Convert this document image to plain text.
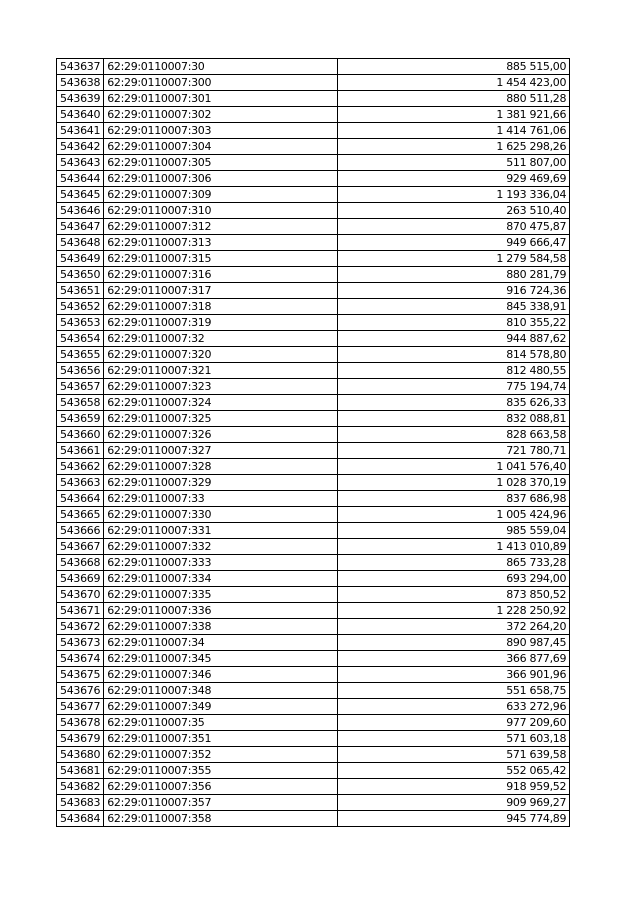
543637	62:29:0110007:30	885 515,00
543638	62:29:0110007:300	1 454 423,00
543639	62:29:0110007:301	880 511,28
543640	62:29:0110007:302	1 381 921,66
543641	62:29:0110007:303	1 414 761,06
543642	62:29:0110007:304	1 625 298,26
543643	62:29:0110007:305	511 807,00
543644	62:29:0110007:306	929 469,69
543645	62:29:0110007:309	1 193 336,04
543646	62:29:0110007:310	263 510,40
543647	62:29:0110007:312	870 475,87
543648	62:29:0110007:313	949 666,47
543649	62:29:0110007:315	1 279 584,58
543650	62:29:0110007:316	880 281,79
543651	62:29:0110007:317	916 724,36
543652	62:29:0110007:318	845 338,91
543653	62:29:0110007:319	810 355,22
543654	62:29:0110007:32	944 887,62
543655	62:29:0110007:320	814 578,80
543656	62:29:0110007:321	812 480,55
543657	62:29:0110007:323	775 194,74
543658	62:29:0110007:324	835 626,33
543659	62:29:0110007:325	832 088,81
543660	62:29:0110007:326	828 663,58
543661	62:29:0110007:327	721 780,71
543662	62:29:0110007:328	1 041 576,40
543663	62:29:0110007:329	1 028 370,19
543664	62:29:0110007:33	837 686,98
543665	62:29:0110007:330	1 005 424,96
543666	62:29:0110007:331	985 559,04
543667	62:29:0110007:332	1 413 010,89
543668	62:29:0110007:333	865 733,28
543669	62:29:0110007:334	693 294,00
543670	62:29:0110007:335	873 850,52
543671	62:29:0110007:336	1 228 250,92
543672	62:29:0110007:338	372 264,20
543673	62:29:0110007:34	890 987,45
543674	62:29:0110007:345	366 877,69
543675	62:29:0110007:346	366 901,96
543676	62:29:0110007:348	551 658,75
543677	62:29:0110007:349	633 272,96
543678	62:29:0110007:35	977 209,60
543679	62:29:0110007:351	571 603,18
543680	62:29:0110007:352	571 639,58
543681	62:29:0110007:355	552 065,42
543682	62:29:0110007:356	918 959,52
543683	62:29:0110007:357	909 969,27
543684	62:29:0110007:358	945 774,89
